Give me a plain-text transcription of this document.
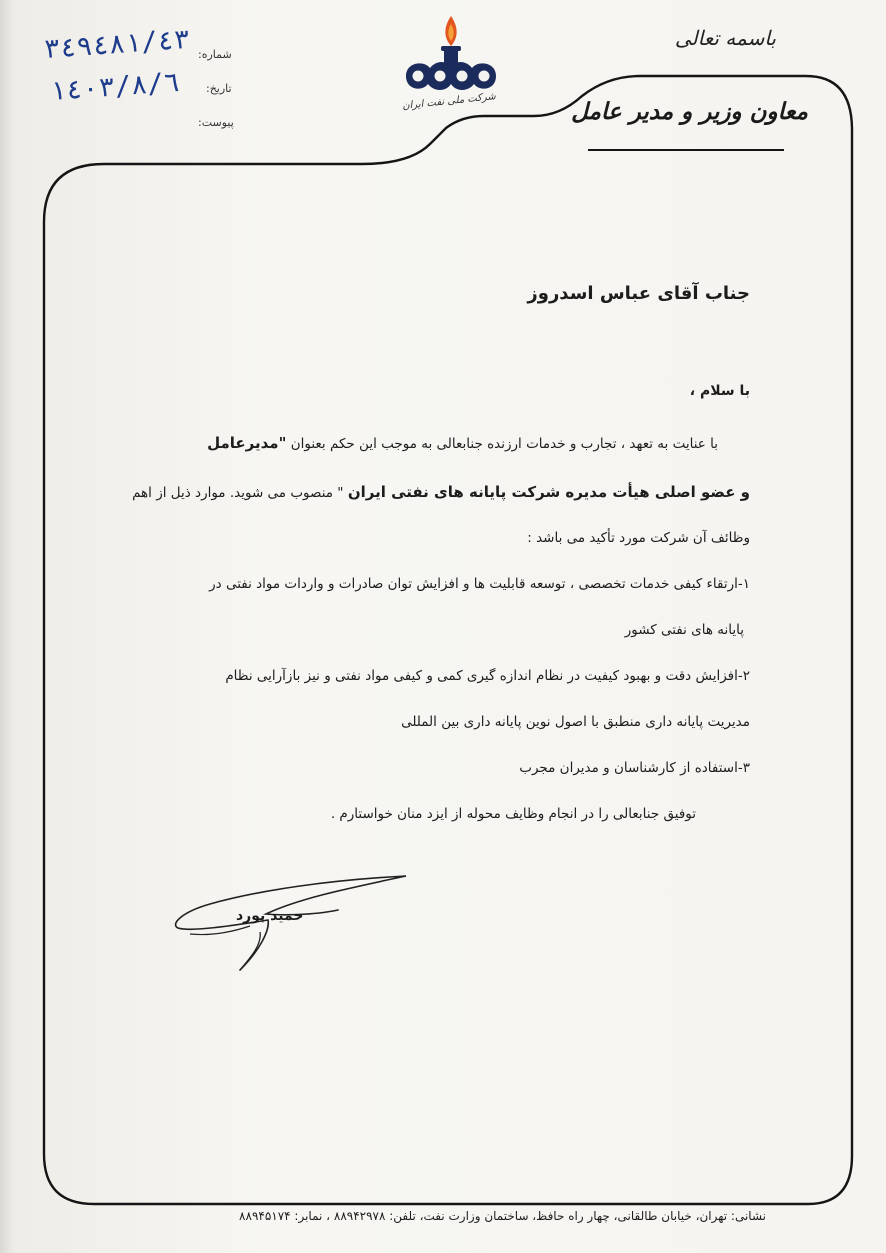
باسمه تعالی
معاون وزیر و مدیر عامل
شرکت ملی نفت ایران
شماره:
٣٤٩٤٨١/٤٣
تاریخ:
١٤٠٣/٨/٦
پیوست:
جناب آقای عباس اسدروز
با سلام ،
با عنایت به تعهد ، تجارب و خدمات ارزنده جنابعالی به موجب این حکم بعنوان "مدیرعامل
و عضو اصلی هیأت مدیره شرکت پایانه های نفتی ایران " منصوب می شوید. موارد ذیل از اهم
وظائف آن شرکت مورد تأکید می باشد :
۱-ارتقاء کیفی خدمات تخصصی ، توسعه قابلیت ها و افزایش توان صادرات و واردات مواد نفتی در
پایانه های نفتی کشور
۲-افزایش دقت و بهبود کیفیت در نظام اندازه گیری کمی و کیفی مواد نفتی و نیز بازآرایی نظام
مدیریت پایانه داری منطبق با اصول نوین پایانه داری بین المللی
۳-استفاده از کارشناسان و مدیران مجرب
توفیق جنابعالی را در انجام وظایف محوله از ایزد منان خواستارم .
حمید بورد
نشانی: تهران، خیابان طالقانی، چهار راه حافظ، ساختمان وزارت نفت، تلفن: ۸۸۹۴۲۹۷۸ ، نمابر: ۸۸۹۴۵۱۷۴
